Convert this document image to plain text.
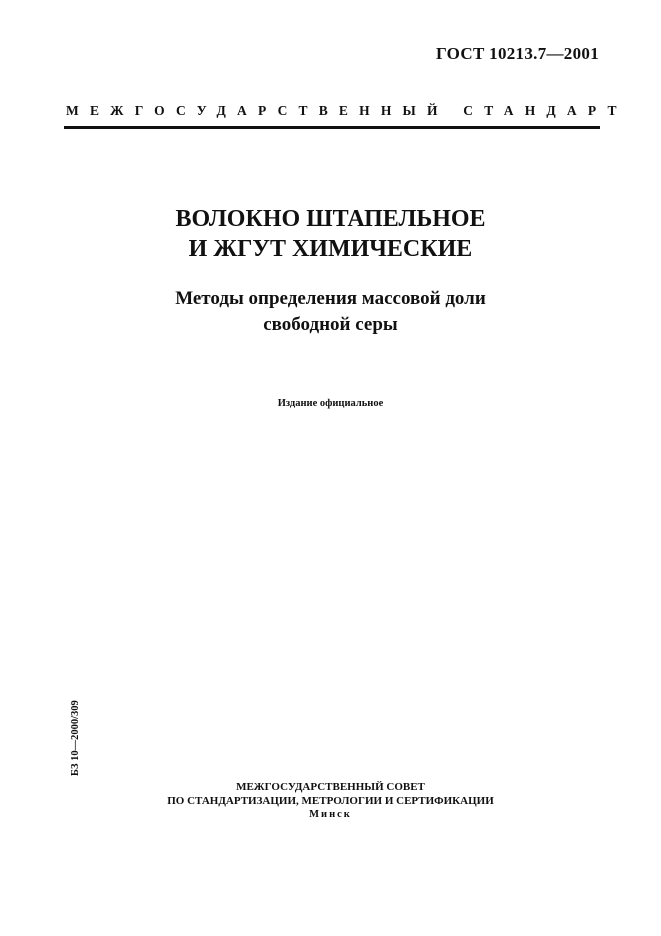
ГОСТ 10213.7—2001
МЕЖГОСУДАРСТВЕННЫЙ СТАНДАРТ
ВОЛОКНО ШТАПЕЛЬНОЕ
И ЖГУТ ХИМИЧЕСКИЕ
Методы определения массовой доли
свободной серы
Издание официальное
БЗ 10—2000/309
МЕЖГОСУДАРСТВЕННЫЙ СОВЕТ
ПО СТАНДАРТИЗАЦИИ, МЕТРОЛОГИИ И СЕРТИФИКАЦИИ
Минск
